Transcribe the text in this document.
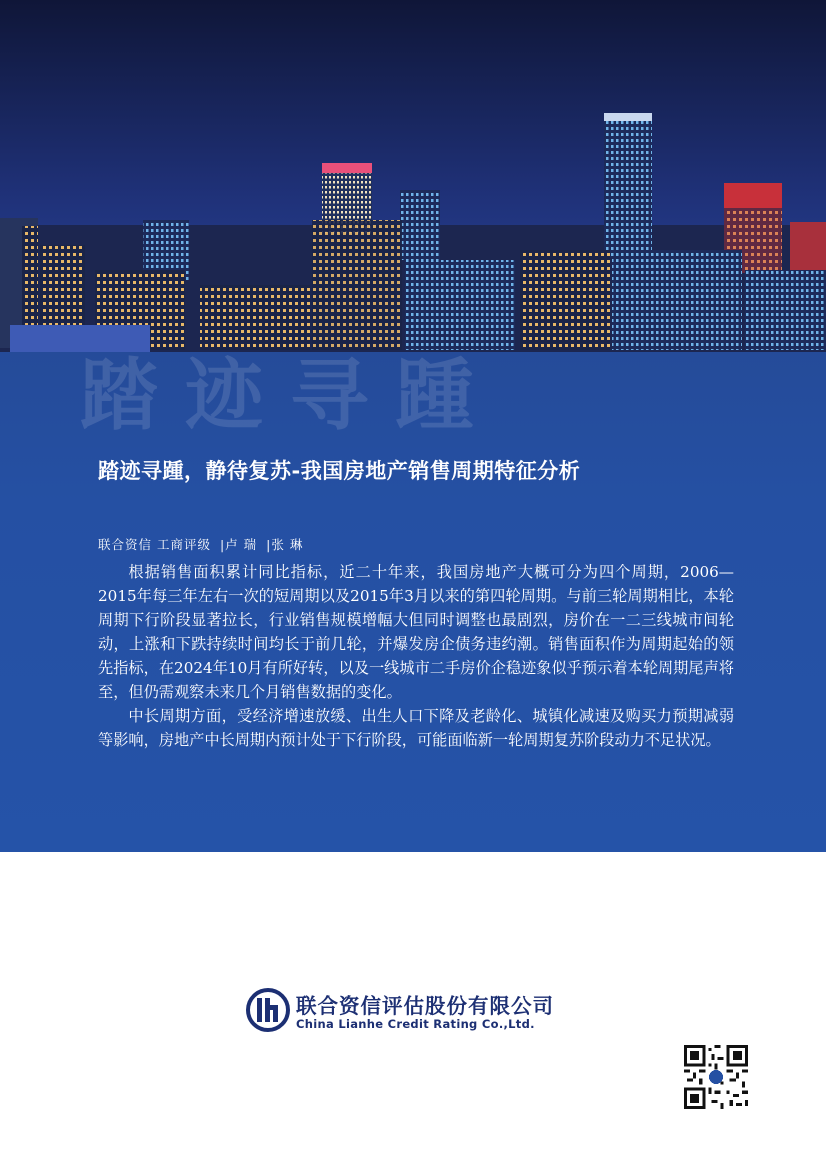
踏 迹 寻 踵
踏迹寻踵，静待复苏-我国房地产销售周期特征分析
联合资信 工商评级 |卢 瑞 |张 琳

根据销售面积累计同比指标，近二十年来，我国房地产大概可分为四个周期，2006—2015年每三年左右一次的短周期以及2015年3月以来的第四轮周期。与前三轮周期相比，本轮周期下行阶段显著拉长，行业销售规模增幅大但同时调整也最剧烈，房价在一二三线城市间轮动，上涨和下跌持续时间均长于前几轮，并爆发房企债务违约潮。销售面积作为周期起始的领先指标，在2024年10月有所好转，以及一线城市二手房价企稳迹象似乎预示着本轮周期尾声将至，但仍需观察未来几个月销售数据的变化。

中长周期方面，受经济增速放缓、出生人口下降及老龄化、城镇化减速及购买力预期减弱等影响，房地产中长周期内预计处于下行阶段，可能面临新一轮周期复苏阶段动力不足状况。

联合资信评估股份有限公司
China Lianhe Credit Rating Co.,Ltd.
